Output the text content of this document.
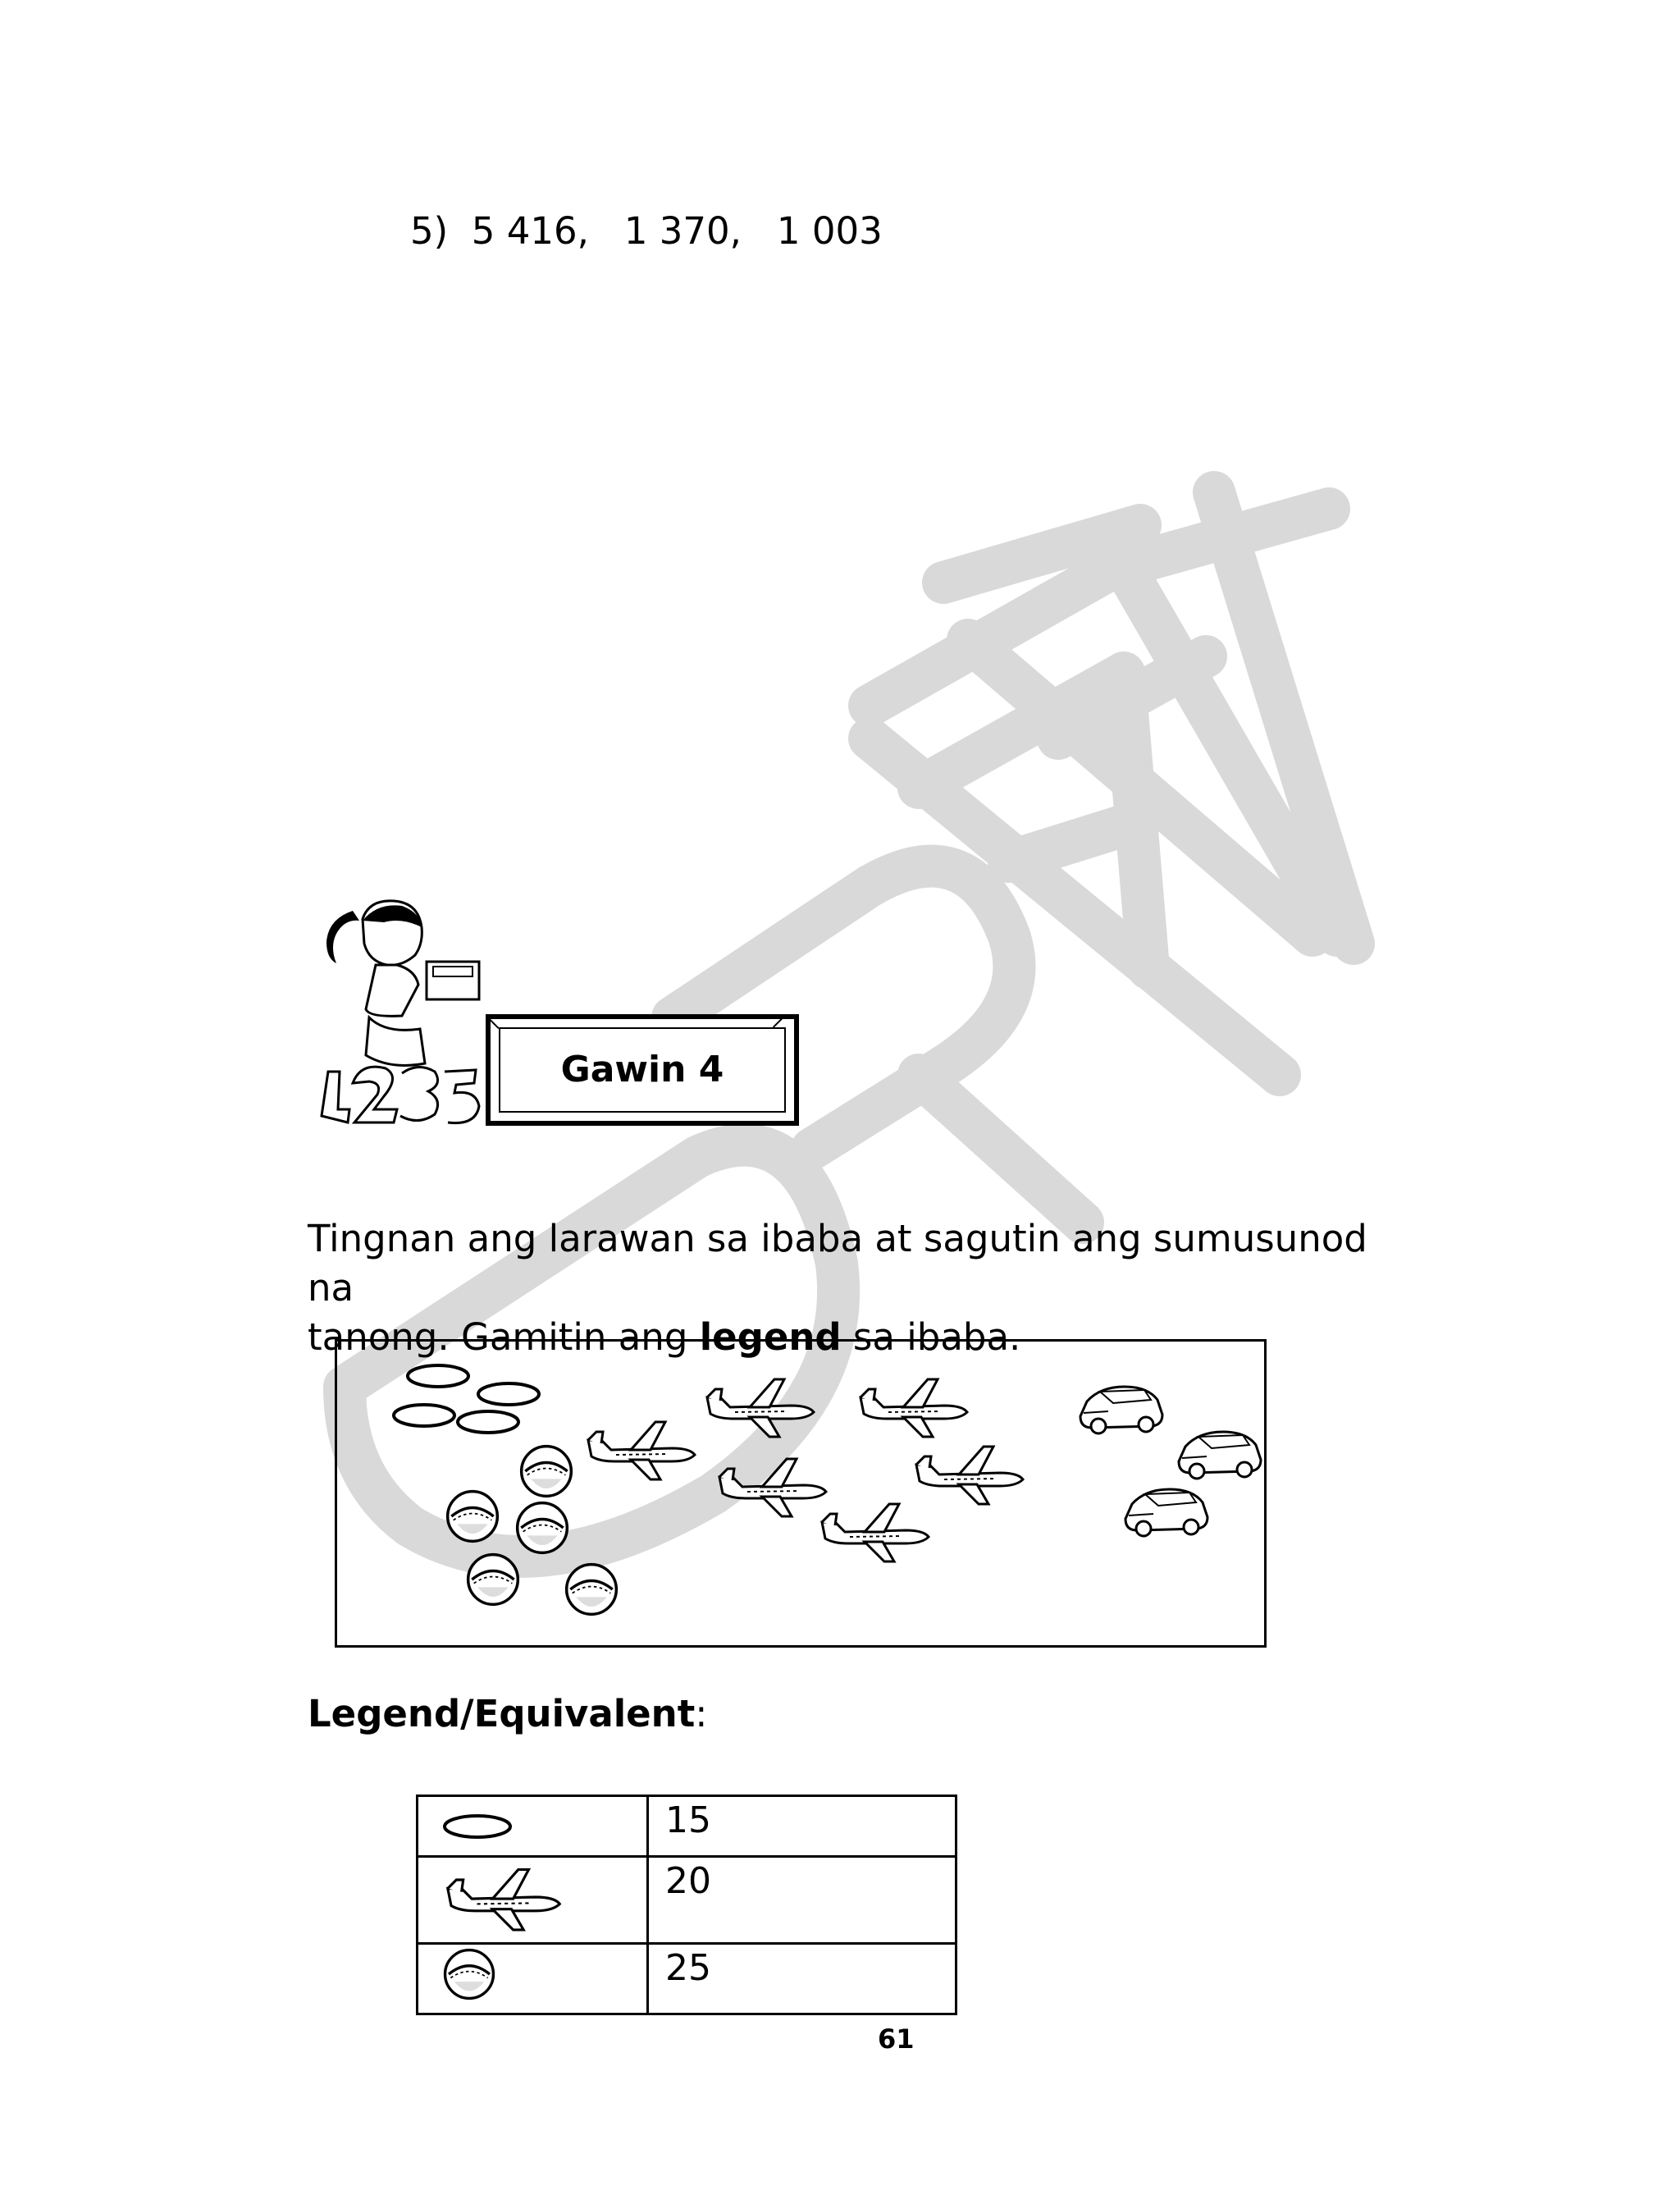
5)  5 416,   1 370,   1 003
Gawin 4
Tingnan ang larawan sa ibaba at sagutin ang sumusunod na
tanong. Gamitin ang legend sa ibaba.
Legend/Equivalent:
	15
	20
	25
61
